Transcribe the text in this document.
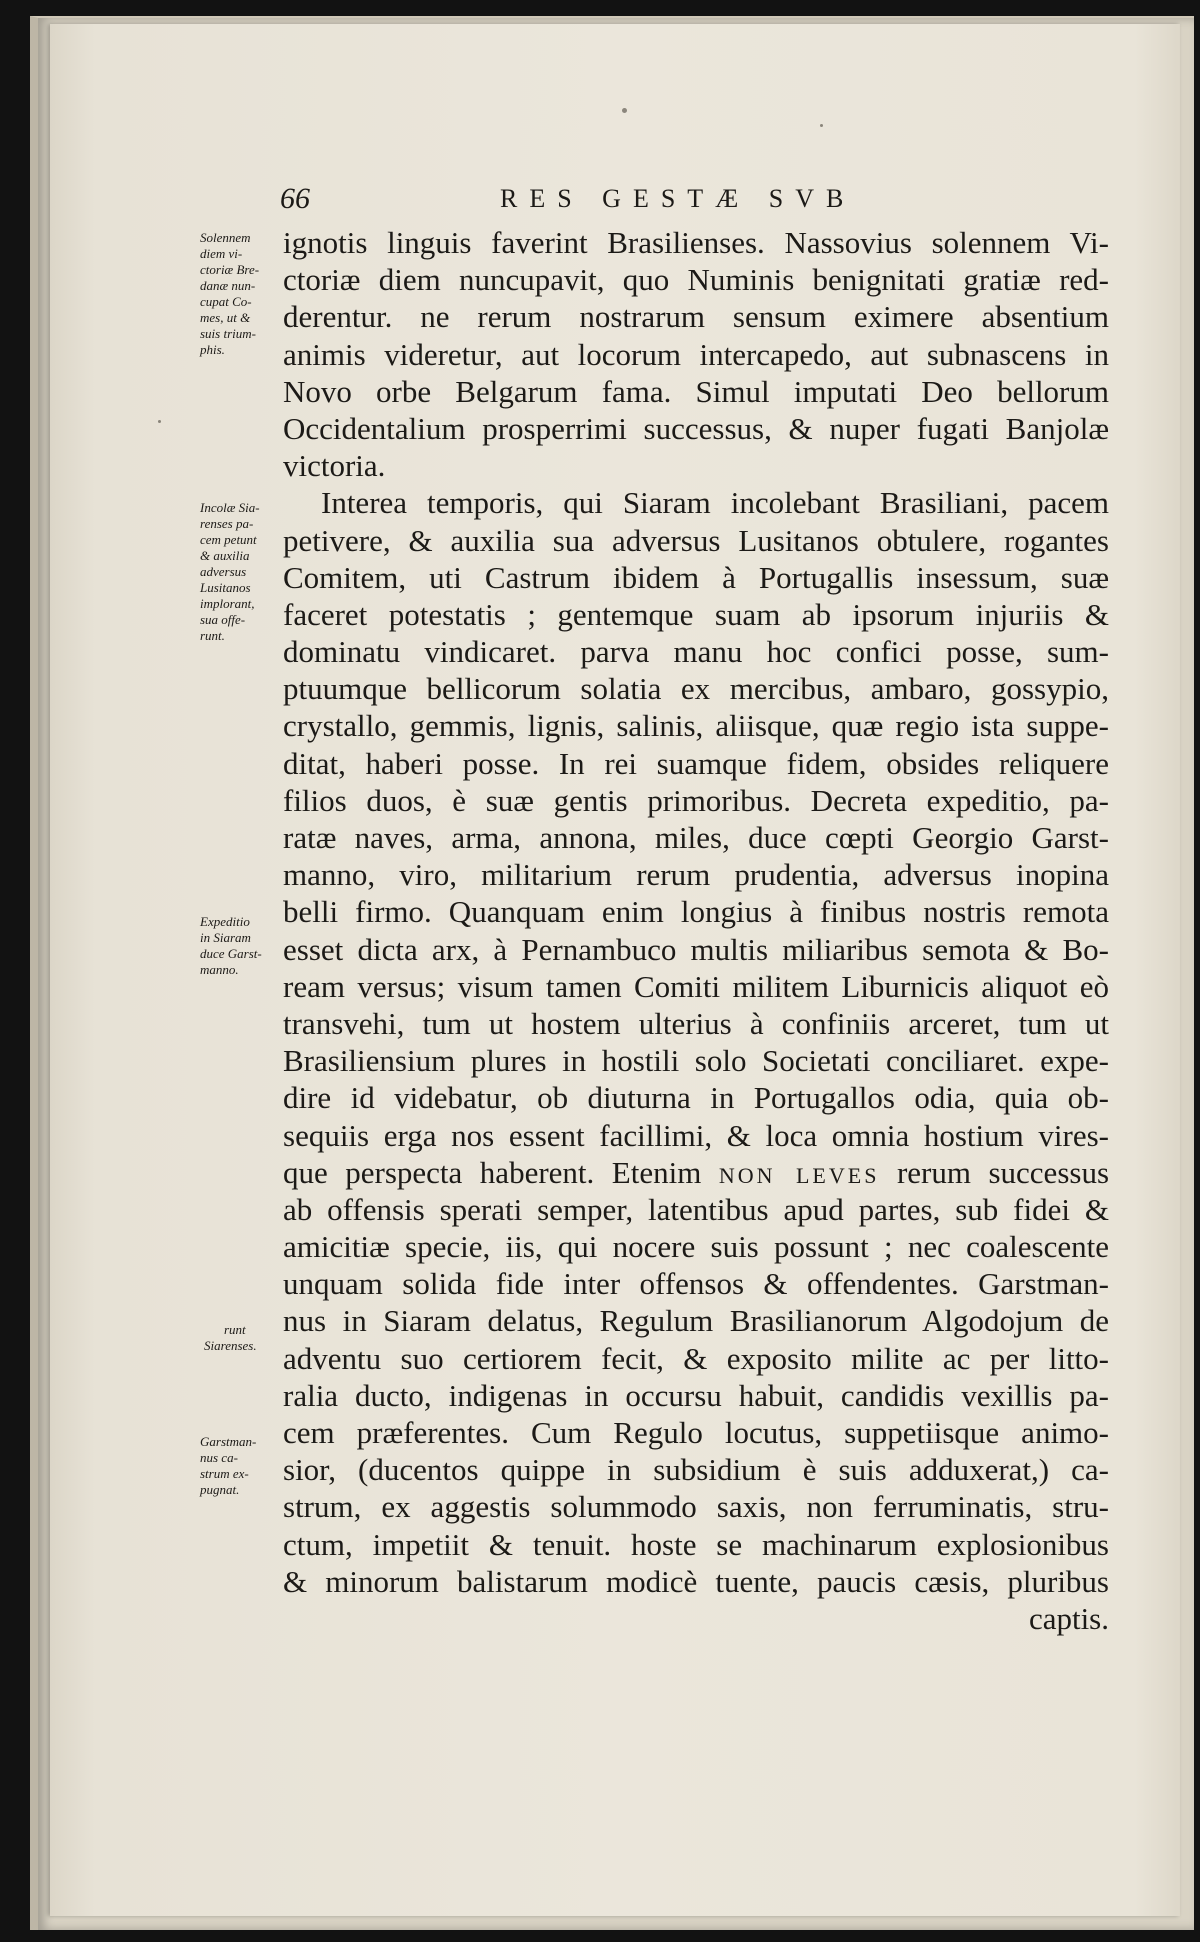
66	RES GESTÆ SVB
Solennem
diem vi-
ctoriæ Bre-
danæ nun-
cupat Co-
mes, ut &
suis trium-
phis.
Incolæ Sia-
renses pa-
cem petunt
& auxilia
adversus
Lusitanos
implorant,
sua offe-
runt.
Expeditio
in Siaram
duce Garst-
manno.
runt
Siarenses.
Garstman-
nus ca-
strum ex-
pugnat.
ignotis linguis faverint Brasilienses. Nassovius solennem Vi-
ctoriæ diem nuncupavit, quo Numinis benignitati gratiæ red-
derentur. ne rerum nostrarum sensum eximere absentium
animis videretur, aut locorum intercapedo, aut subnascens in
Novo orbe Belgarum fama. Simul imputati Deo bellorum
Occidentalium prosperrimi successus, & nuper fugati Banjolæ
victoria.
Interea temporis, qui Siaram incolebant Brasiliani, pacem
petivere, & auxilia sua adversus Lusitanos obtulere, rogantes
Comitem, uti Castrum ibidem à Portugallis insessum, suæ
faceret potestatis ; gentemque suam ab ipsorum injuriis &
dominatu vindicaret. parva manu hoc confici posse, sum-
ptuumque bellicorum solatia ex mercibus, ambaro, gossypio,
crystallo, gemmis, lignis, salinis, aliisque, quæ regio ista suppe-
ditat, haberi posse. In rei suamque fidem, obsides reliquere
filios duos, è suæ gentis primoribus. Decreta expeditio, pa-
ratæ naves, arma, annona, miles, duce cœpti Georgio Garst-
manno, viro, militarium rerum prudentia, adversus inopina
belli firmo. Quanquam enim longius à finibus nostris remota
esset dicta arx, à Pernambuco multis miliaribus semota & Bo-
ream versus; visum tamen Comiti militem Liburnicis aliquot eò
transvehi, tum ut hostem ulterius à confiniis arceret, tum ut
Brasiliensium plures in hostili solo Societati conciliaret. expe-
dire id videbatur, ob diuturna in Portugallos odia, quia ob-
sequiis erga nos essent facillimi, & loca omnia hostium vires-
que perspecta haberent. Etenim non leves rerum successus
ab offensis sperati semper, latentibus apud partes, sub fidei &
amicitiæ specie, iis, qui nocere suis possunt ; nec coalescente
unquam solida fide inter offensos & offendentes. Garstman-
nus in Siaram delatus, Regulum Brasilianorum Algodojum de
adventu suo certiorem fecit, & exposito milite ac per litto-
ralia ducto, indigenas in occursu habuit, candidis vexillis pa-
cem præferentes. Cum Regulo locutus, suppetiisque animo-
sior, (ducentos quippe in subsidium è suis adduxerat,) ca-
strum, ex aggestis solummodo saxis, non ferruminatis, stru-
ctum, impetiit & tenuit. hoste se machinarum explosionibus
& minorum balistarum modicè tuente, paucis cæsis, pluribus
captis.
